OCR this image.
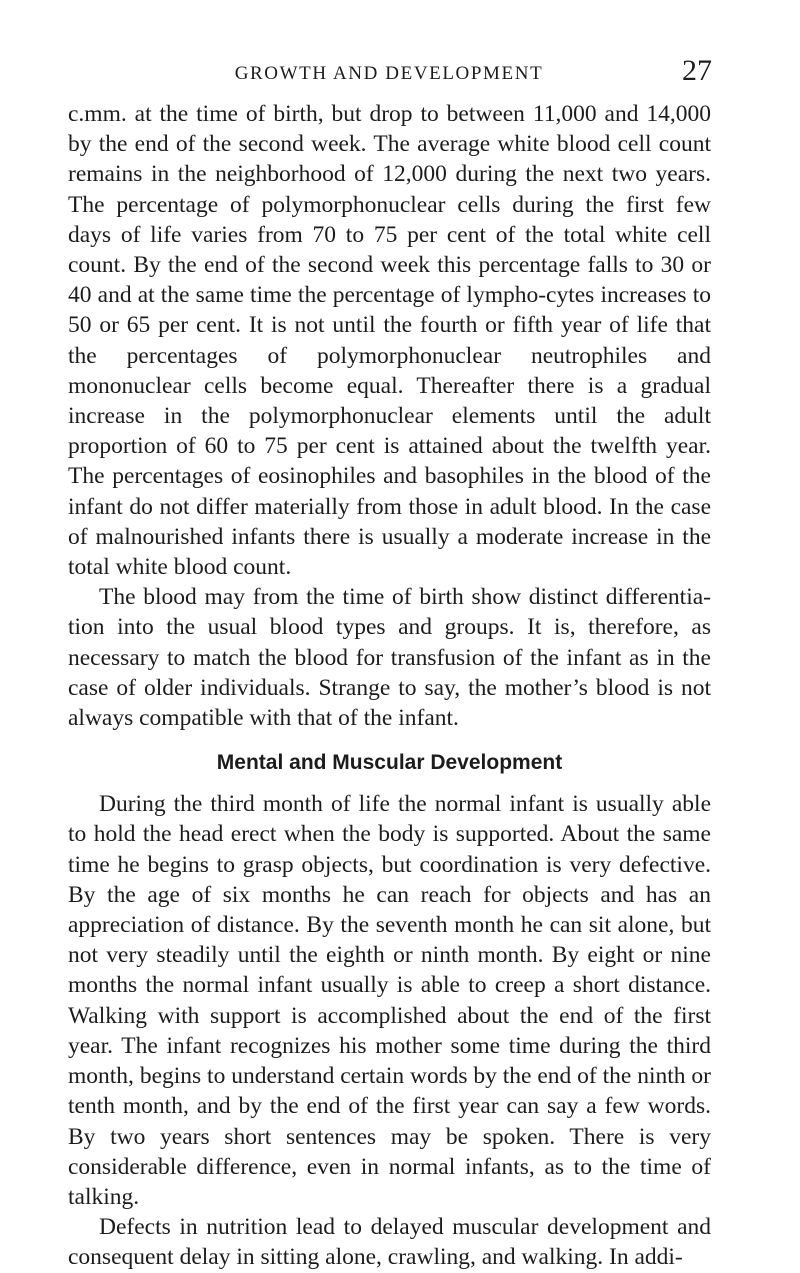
GROWTH AND DEVELOPMENT	27

c.mm. at the time of birth, but drop to between 11,000 and 14,000 by the end of the second week. The average white blood cell count remains in the neighborhood of 12,000 during the next two years. The percentage of polymorphonuclear cells during the first few days of life varies from 70 to 75 per cent of the total white cell count. By the end of the second week this percentage falls to 30 or 40 and at the same time the percentage of lympho-cytes increases to 50 or 65 per cent. It is not until the fourth or fifth year of life that the percentages of polymorphonuclear neutrophiles and mononuclear cells become equal. Thereafter there is a gradual increase in the polymorphonuclear elements until the adult proportion of 60 to 75 per cent is attained about the twelfth year. The percentages of eosinophiles and basophiles in the blood of the infant do not differ materially from those in adult blood. In the case of malnourished infants there is usually a moderate increase in the total white blood count.

The blood may from the time of birth show distinct differentia-tion into the usual blood types and groups. It is, therefore, as necessary to match the blood for transfusion of the infant as in the case of older individuals. Strange to say, the mother’s blood is not always compatible with that of the infant.

Mental and Muscular Development

During the third month of life the normal infant is usually able to hold the head erect when the body is supported. About the same time he begins to grasp objects, but coordination is very defective. By the age of six months he can reach for objects and has an appreciation of distance. By the seventh month he can sit alone, but not very steadily until the eighth or ninth month. By eight or nine months the normal infant usually is able to creep a short distance. Walking with support is accomplished about the end of the first year. The infant recognizes his mother some time during the third month, begins to understand certain words by the end of the ninth or tenth month, and by the end of the first year can say a few words. By two years short sentences may be spoken. There is very considerable difference, even in normal infants, as to the time of talking.

Defects in nutrition lead to delayed muscular development and consequent delay in sitting alone, crawling, and walking. In addi-
